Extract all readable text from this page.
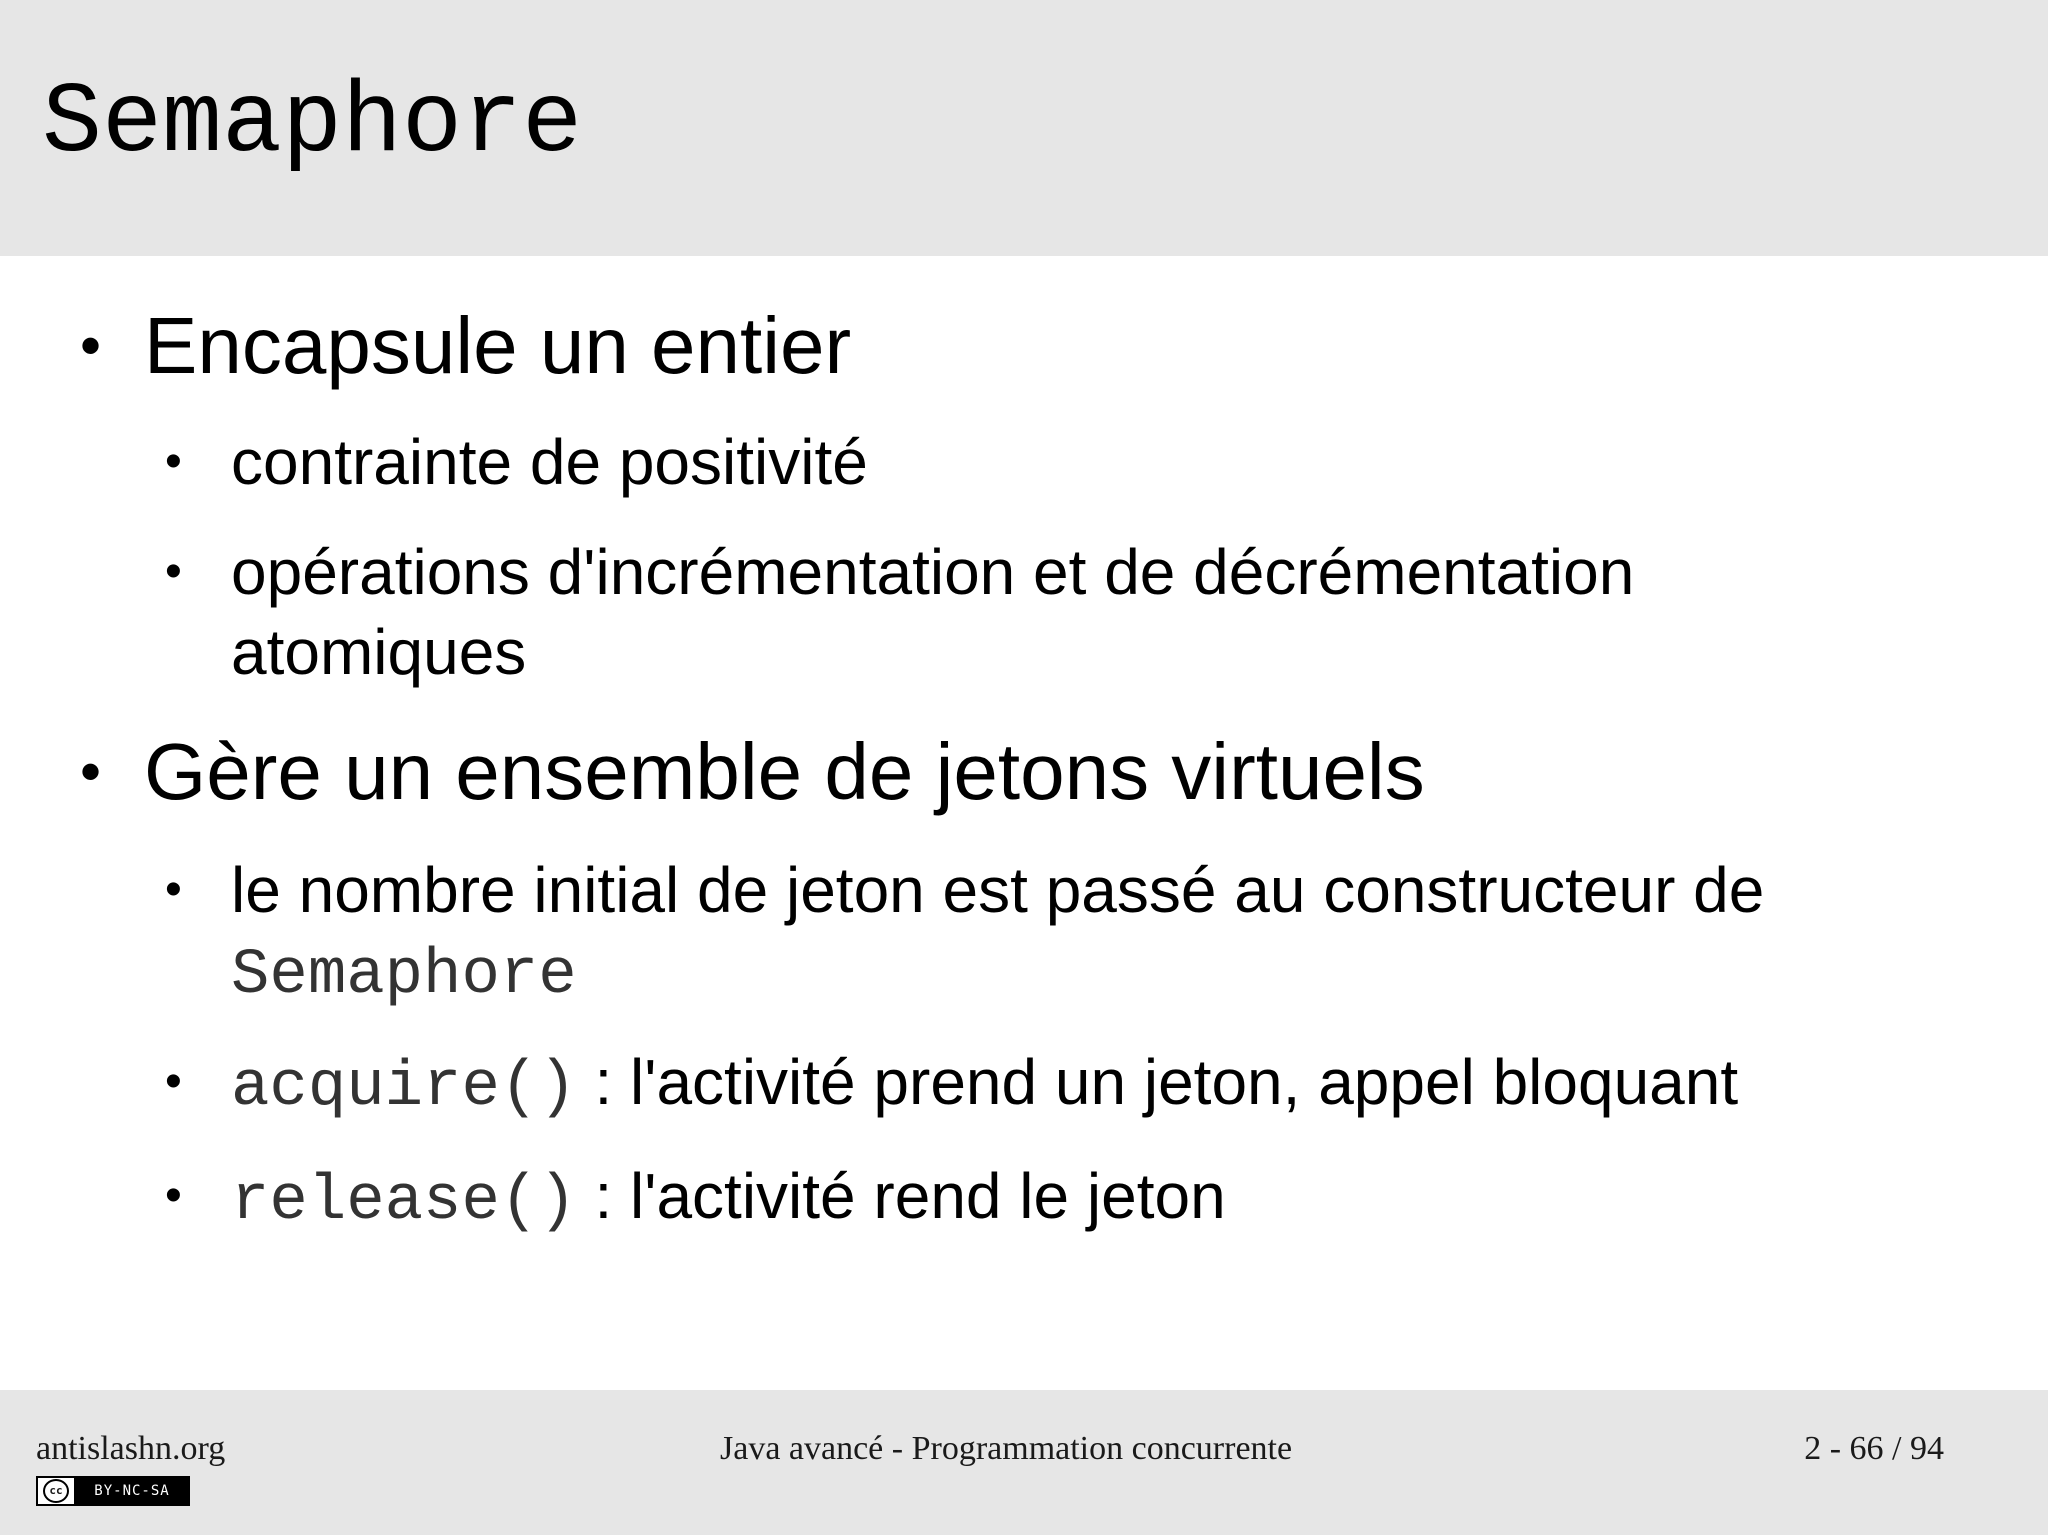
Semaphore
• Encapsule un entier
• contrainte de positivité
• opérations d'incrémentation et de décrémentation
atomiques
• Gère un ensemble de jetons virtuels
• le nombre initial de jeton est passé au constructeur de
Semaphore
• acquire() : l'activité prend un jeton, appel bloquant
• release() : l'activité rend le jeton
antislashn.org	Java avancé - Programmation concurrente	2 - 66 / 94
cc	BY-NC-SA
